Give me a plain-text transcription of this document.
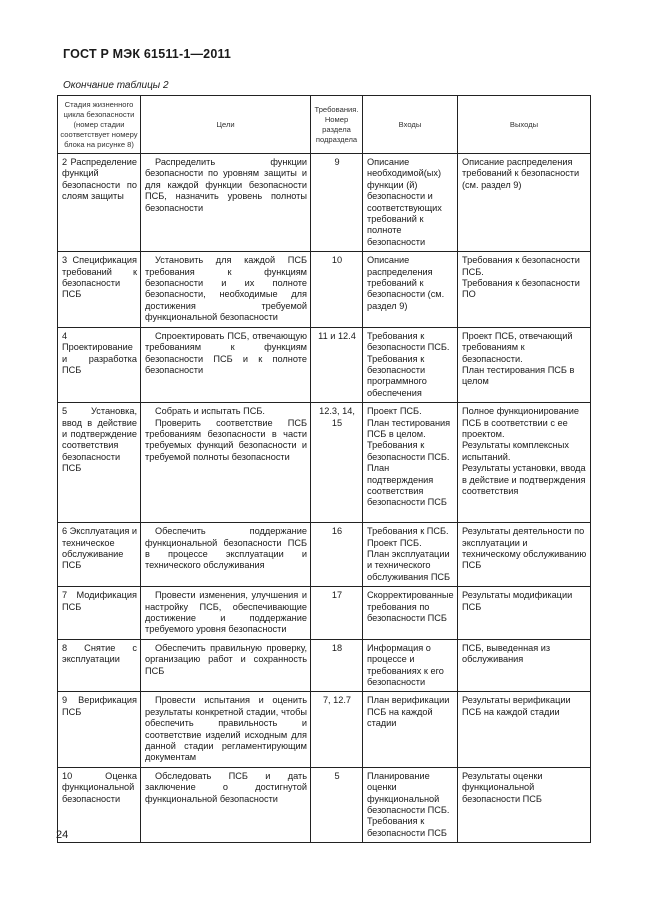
ГОСТ Р МЭК 61511-1—2011
Окончание таблицы 2
Стадия жизненного цикла безопасности (номер стадии соответствует номеру блока на рисунке 8)	Цели	Требования. Номер раздела подраздела	Входы	Выходы

2 Распределение функций безопасности по слоям защиты	Распределить функции безопасности по уровням защиты и для каждой функции безопасности ПСБ, назначить уровень полноты безопасности	9	Описание необходимой(ых) функции (й) безопасности и соответствующих требований к полноте безопасности	Описание распределения требований к безопасности (см. раздел 9)

3 Спецификация требований к безопасности ПСБ	Установить для каждой ПСБ требования к функциям безопасности и их полноте безопасности, необходимые для достижения требуемой функциональной безопасности	10	Описание распределения требований к безопасности (см. раздел 9)	Требования к безопасности ПСБ.
Требования к безопасности ПО

4 Проектирование и разработка ПСБ	Спроектировать ПСБ, отвечающую требованиям к функциям безопасности ПСБ и к полноте безопасности	11 и 12.4	Требования к безопасности ПСБ.
Требования к безопасности программного обеспечения	Проект ПСБ, отвечающий требованиям к безопасности.
План тестирования ПСБ в целом

5 Установка, ввод в действие и подтверждение соответствия безопасности ПСБ	Собрать и испытать ПСБ.
Проверить соответствие ПСБ требованиям безопасности в части требуемых функций безопасности и требуемой полноты безопасности	12.3, 14, 15	Проект ПСБ.
План тестирования ПСБ в целом.
Требования к безопасности ПСБ.
План подтверждения соответствия безопасности ПСБ	Полное функционирование ПСБ в соответствии с ее проектом.
Результаты комплексных испытаний.
Результаты установки, ввода в действие и подтверждения соответствия

6 Эксплуатация и техническое обслуживание ПСБ	Обеспечить поддержание функциональной безопасности ПСБ в процессе эксплуатации и технического обслуживания	16	Требования к ПСБ.
Проект ПСБ.
План эксплуатации и технического обслуживания ПСБ	Результаты деятельности по эксплуатации и техническому обслуживанию ПСБ

7 Модификация ПСБ	Провести изменения, улучшения и настройку ПСБ, обеспечивающие достижение и поддержание требуемого уровня безопасности	17	Скорректированные требования по безопасности ПСБ	Результаты модификации ПСБ

8 Снятие с эксплуатации	Обеспечить правильную проверку, организацию работ и сохранность ПСБ	18	Информация о процессе и требованиях к его безопасности	ПСБ, выведенная из обслуживания

9 Верификация ПСБ	Провести испытания и оценить результаты конкретной стадии, чтобы обеспечить правильность и соответствие изделий исходным для данной стадии регламентирующим документам	7, 12.7	План верификации ПСБ на каждой стадии	Результаты верификации ПСБ на каждой стадии

10 Оценка функциональной безопасности	Обследовать ПСБ и дать заключение о достигнутой функциональной безопасности	5	Планирование оценки функциональной безопасности ПСБ.
Требования к безопасности ПСБ	Результаты оценки функциональной безопасности ПСБ
24
